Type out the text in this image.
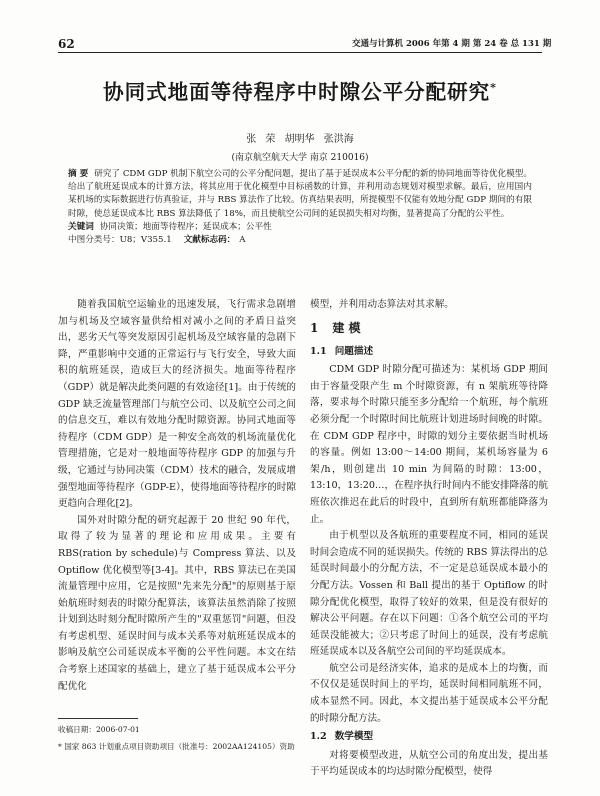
62	交通与计算机 2006 年第 4 期 第 24 卷 总 131 期
协同式地面等待程序中时隙公平分配研究*
张 荣 胡明华 张洪海
(南京航空航天大学 南京 210016)
摘 要 研究了 CDM GDP 机制下航空公司的公平分配问题，提出了基于延误成本公平分配的新的协同地面等待优化模型。给出了航班延误成本的计算方法，将其应用于优化模型中目标函数的计算，并利用动态规划对模型求解。最后，应用国内某机场的实际数据进行仿真验证，并与 RBS 算法作了比较。仿真结果表明，所提模型不仅能有效地分配 GDP 期间的有限时隙，使总延误成本比 RBS 算法降低了 18%，而且使航空公司间的延误损失相对均衡，显著提高了分配的公平性。
关键词 协同决策；地面等待程序；延误成本；公平性
中图分类号：U8；V355.1 文献标志码： A

随着我国航空运输业的迅速发展，飞行需求急剧增加与机场及空域容量供给相对减小之间的矛盾日益突出，恶劣天气等突发原因引起机场及空域容量的急剧下降，严重影响中交通的正常运行与飞行安全，导致大面积的航班延误，造成巨大的经济损失。地面等待程序（GDP）就是解决此类问题的有效途径[1]。由于传统的 GDP 缺乏流量管理部门与航空公司、以及航空公司之间的信息交互，难以有效地分配时隙资源。协同式地面等待程序（CDM GDP）是一种安全高效的机场流量优化管理措施，它是对一般地面等待程序 GDP 的加强与升级，它通过与协同决策（CDM）技术的融合，发展成增强型地面等待程序（GDP-E），使得地面等待程序的时隙更趋向合理化[2]。

国外对时隙分配的研究起源于 20 世纪 90 年代，取得了较为显著的理论和应用成果。主要有 RBS(ration by schedule)与 Compress 算法、以及 Optiflow 优化模型等[3-4]。其中，RBS 算法已在美国流量管理中应用，它是按照"先来先分配"的原则基于原始航班时刻表的时隙分配算法，该算法虽然消除了按照计划到达时刻分配时隙所产生的"双重惩罚"问题，但没有考虑机型、延误时间与成本关系等对航班延误成本的影响及航空公司延误成本平衡的公平性问题。本文在结合考察上述国家的基础上，建立了基于延误成本公平分配优化

模型，并利用动态算法对其求解。

1 建 模
1.1 问题描述

CDM GDP 时隙分配可描述为：某机场 GDP 期间由于容量受限产生 m 个时隙资源，有 n 架航班等待降落，要求每个时隙只能至多分配给一个航班，每个航班必须分配一个时隙时间比航班计划进场时间晚的时隙。在 CDM GDP 程序中，时隙的划分主要依据当时机场的容量。例如 13:00～14:00 期间，某机场容量为 6 架/h，则创建出 10 min 为间隔的时隙：13:00，13:10，13:20…，在程序执行时间内不能安排降落的航班依次推迟在此后的时段中，直到所有航班都能降落为止。

由于机型以及各航班的重要程度不同，相同的延误时间会造成不同的延误损失。传统的 RBS 算法得出的总延误时间最小的分配方法，不一定是总延误成本最小的分配方法。Vossen 和 Ball 提出的基于 Optiflow 的时隙分配优化模型，取得了较好的效果，但是没有很好的解决公平问题。存在以下问题：①各个航空公司的平均延误没能被大；②只考虑了时间上的延误，没有考虑航班延误成本以及各航空公司间的平均延误成本。

航空公司是经济实体，追求的是成本上的均衡，而不仅仅是延误时间上的平均，延误时间相同航班不同，成本显然不同。因此，本文提出基于延误成本公平分配的时隙分配方法。

1.2 数学模型

对将要模型改进，从航空公司的角度出发，提出基于平均延误成本的均达时隙分配模型，使得

收稿日期：2006-07-01
* 国家 863 计划重点项目资助项目（批准号：2002AA124105）资助
